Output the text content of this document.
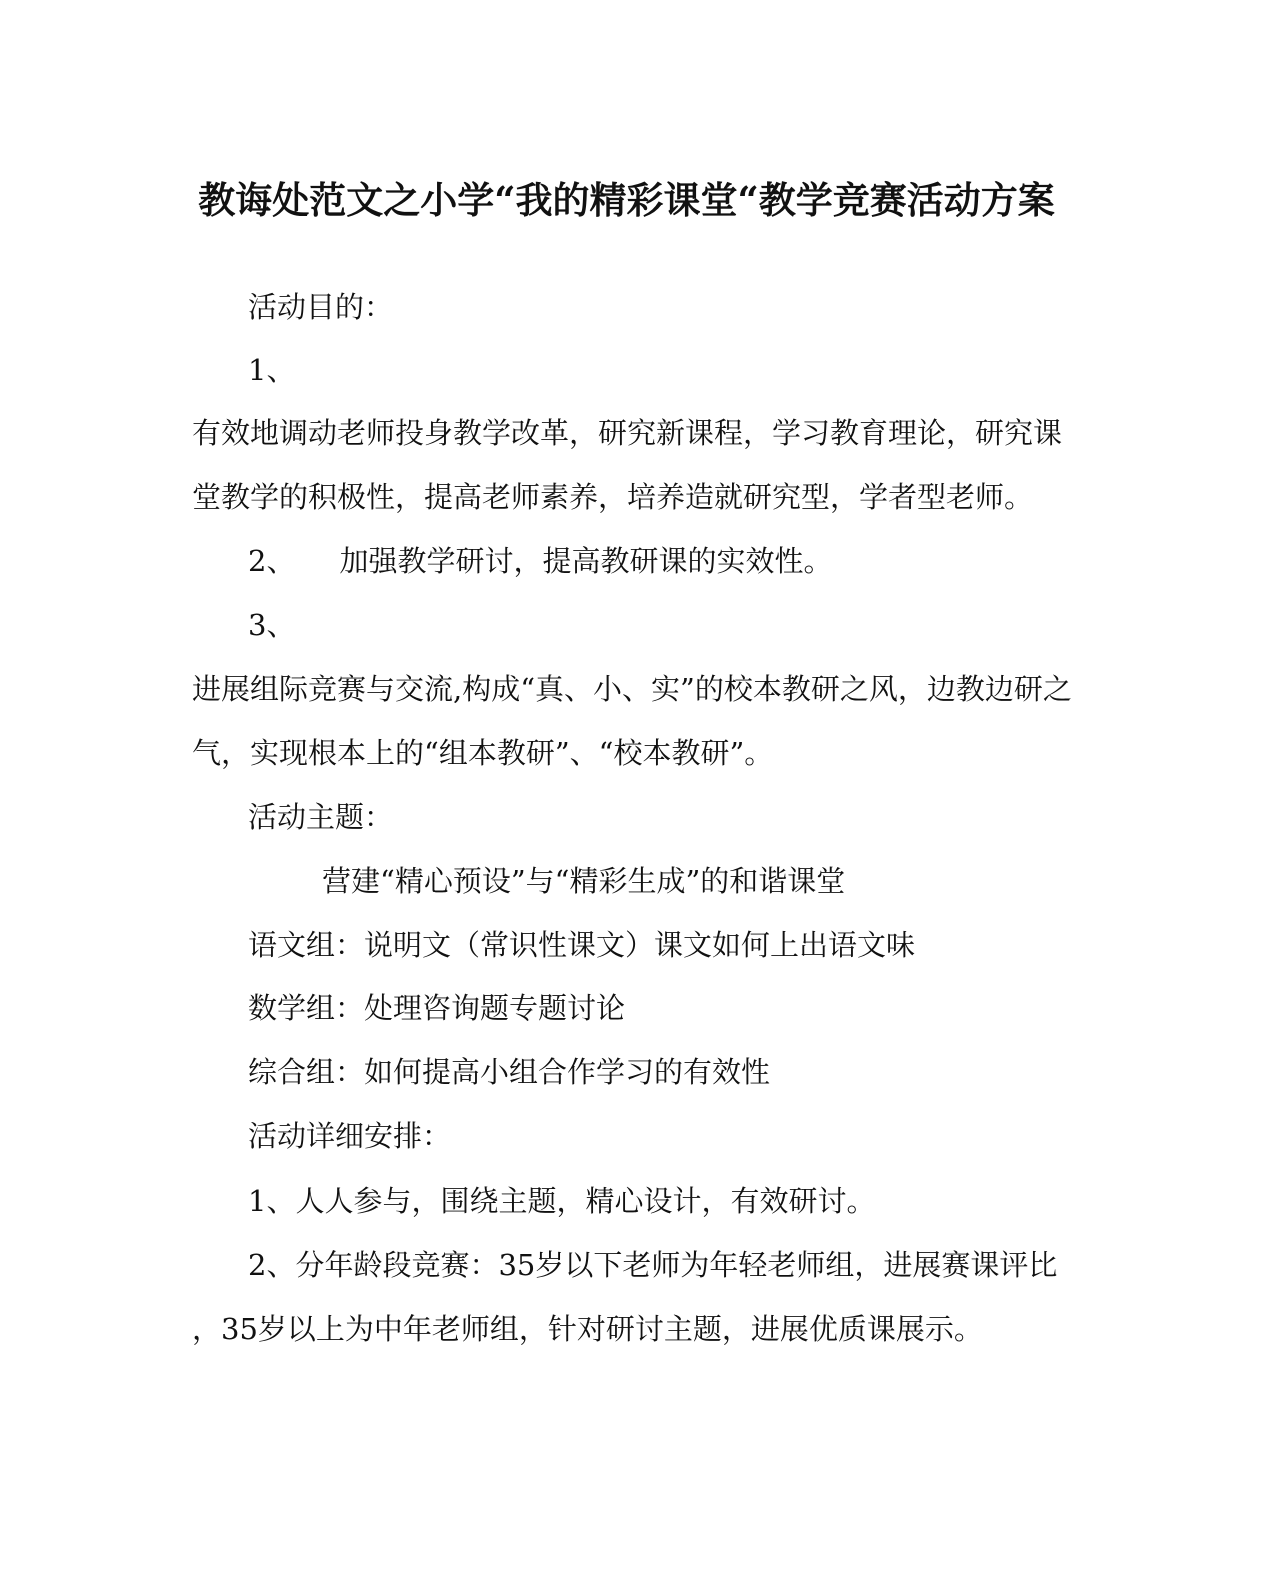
教诲处范文之小学“我的精彩课堂“教学竞赛活动方案
活动目的：
1、
有效地调动老师投身教学改革，研究新课程，学习教育理论，研究课
堂教学的积极性，提高老师素养，培养造就研究型，学者型老师。
2、 加强教学研讨，提高教研课的实效性。
3、
进展组际竞赛与交流,构成“真、小、实”的校本教研之风，边教边研之
气，实现根本上的“组本教研”、“校本教研”。
活动主题：
营建“精心预设”与“精彩生成”的和谐课堂
语文组：说明文（常识性课文）课文如何上出语文味
数学组：处理咨询题专题讨论
综合组：如何提高小组合作学习的有效性
活动详细安排：
1、人人参与，围绕主题，精心设计，有效研讨。
2、分年龄段竞赛：35岁以下老师为年轻老师组，进展赛课评比
，35岁以上为中年老师组，针对研讨主题，进展优质课展示。
